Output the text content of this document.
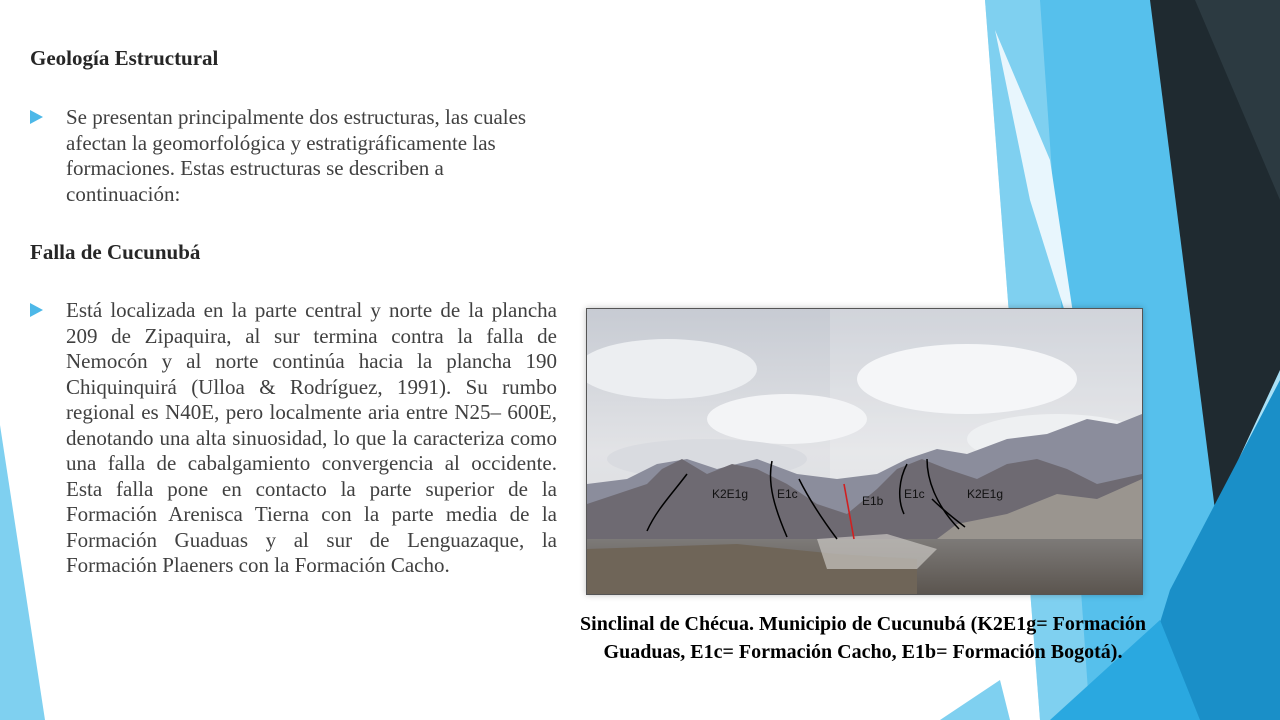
Geología Estructural
Se presentan principalmente dos estructuras, las cuales afectan la geomorfológica y estratigráficamente las formaciones. Estas estructuras se describen a continuación:
Falla de Cucunubá
Está localizada en la parte central y norte de la plancha 209 de Zipaquira, al sur termina contra la falla de Nemocón y al norte continúa hacia la plancha 190 Chiquinquirá (Ulloa & Rodríguez, 1991). Su rumbo regional es N40E, pero localmente aria entre N25– 600E, denotando una alta sinuosidad, lo que la caracteriza como una falla de cabalgamiento convergencia al occidente. Esta falla pone en contacto la parte superior de la Formación Arenisca Tierna con la parte media de la Formación Guaduas y al sur de Lenguazaque, la Formación Plaeners con la Formación Cacho.
K2E1g E1c	E1b E1c	K2E1g
Sinclinal de Chécua. Municipio de Cucunubá (K2E1g= Formación Guaduas, E1c= Formación Cacho, E1b= Formación Bogotá).
